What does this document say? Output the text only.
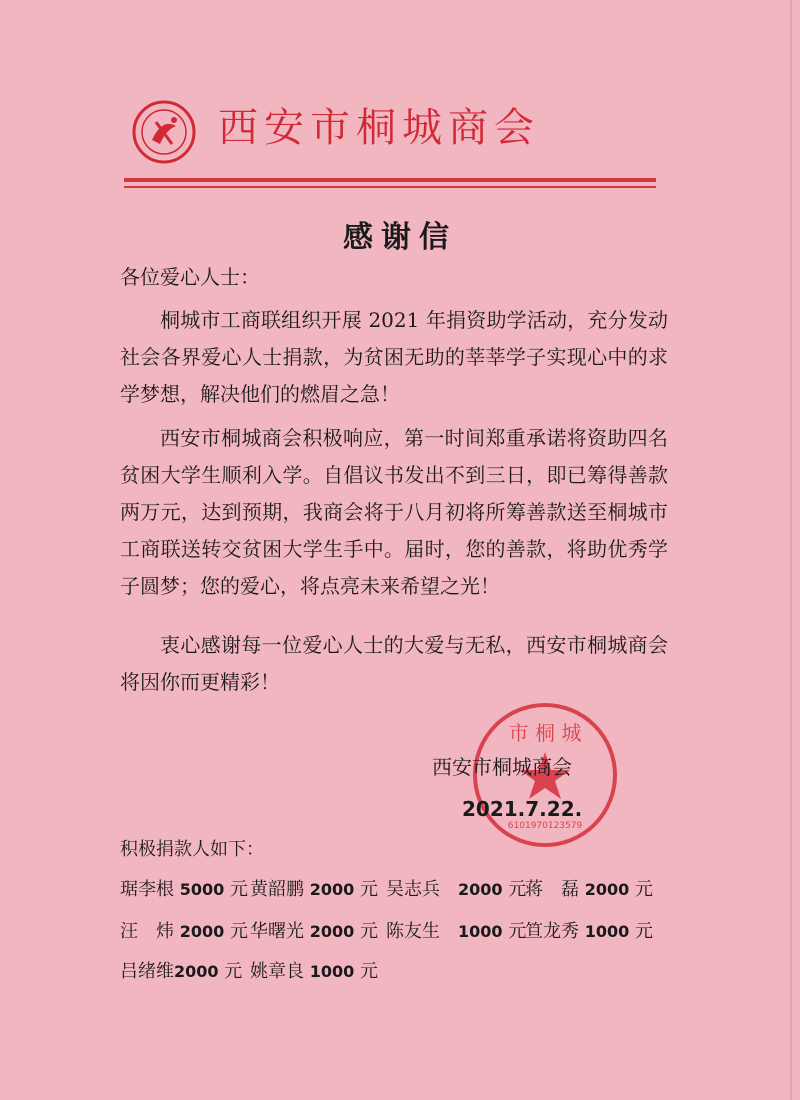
西安市桐城商会
感谢信
各位爱心人士：

桐城市工商联组织开展 2021 年捐资助学活动，充分发动社会各界爱心人士捐款，为贫困无助的莘莘学子实现心中的求学梦想，解决他们的燃眉之急！

西安市桐城商会积极响应，第一时间郑重承诺将资助四名贫困大学生顺利入学。自倡议书发出不到三日，即已筹得善款两万元，达到预期，我商会将于八月初将所筹善款送至桐城市工商联送转交贫困大学生手中。届时，您的善款，将助优秀学子圆梦；您的爱心，将点亮未来希望之光！

衷心感谢每一位爱心人士的大爱与无私，西安市桐城商会将因你而更精彩！

市 桐 城
6101970123579
西安市桐城商会
2021.7.22.
积极捐款人如下：
琚李根 5000 元 黄韶鹏 2000 元 吴志兵　 2000 元
蒋　磊 2000 元
汪　炜 2000 元 华曙光 2000 元 陈友生　 1000 元
笪龙秀 1000 元
吕绪维2000 元 姚章良 1000 元
